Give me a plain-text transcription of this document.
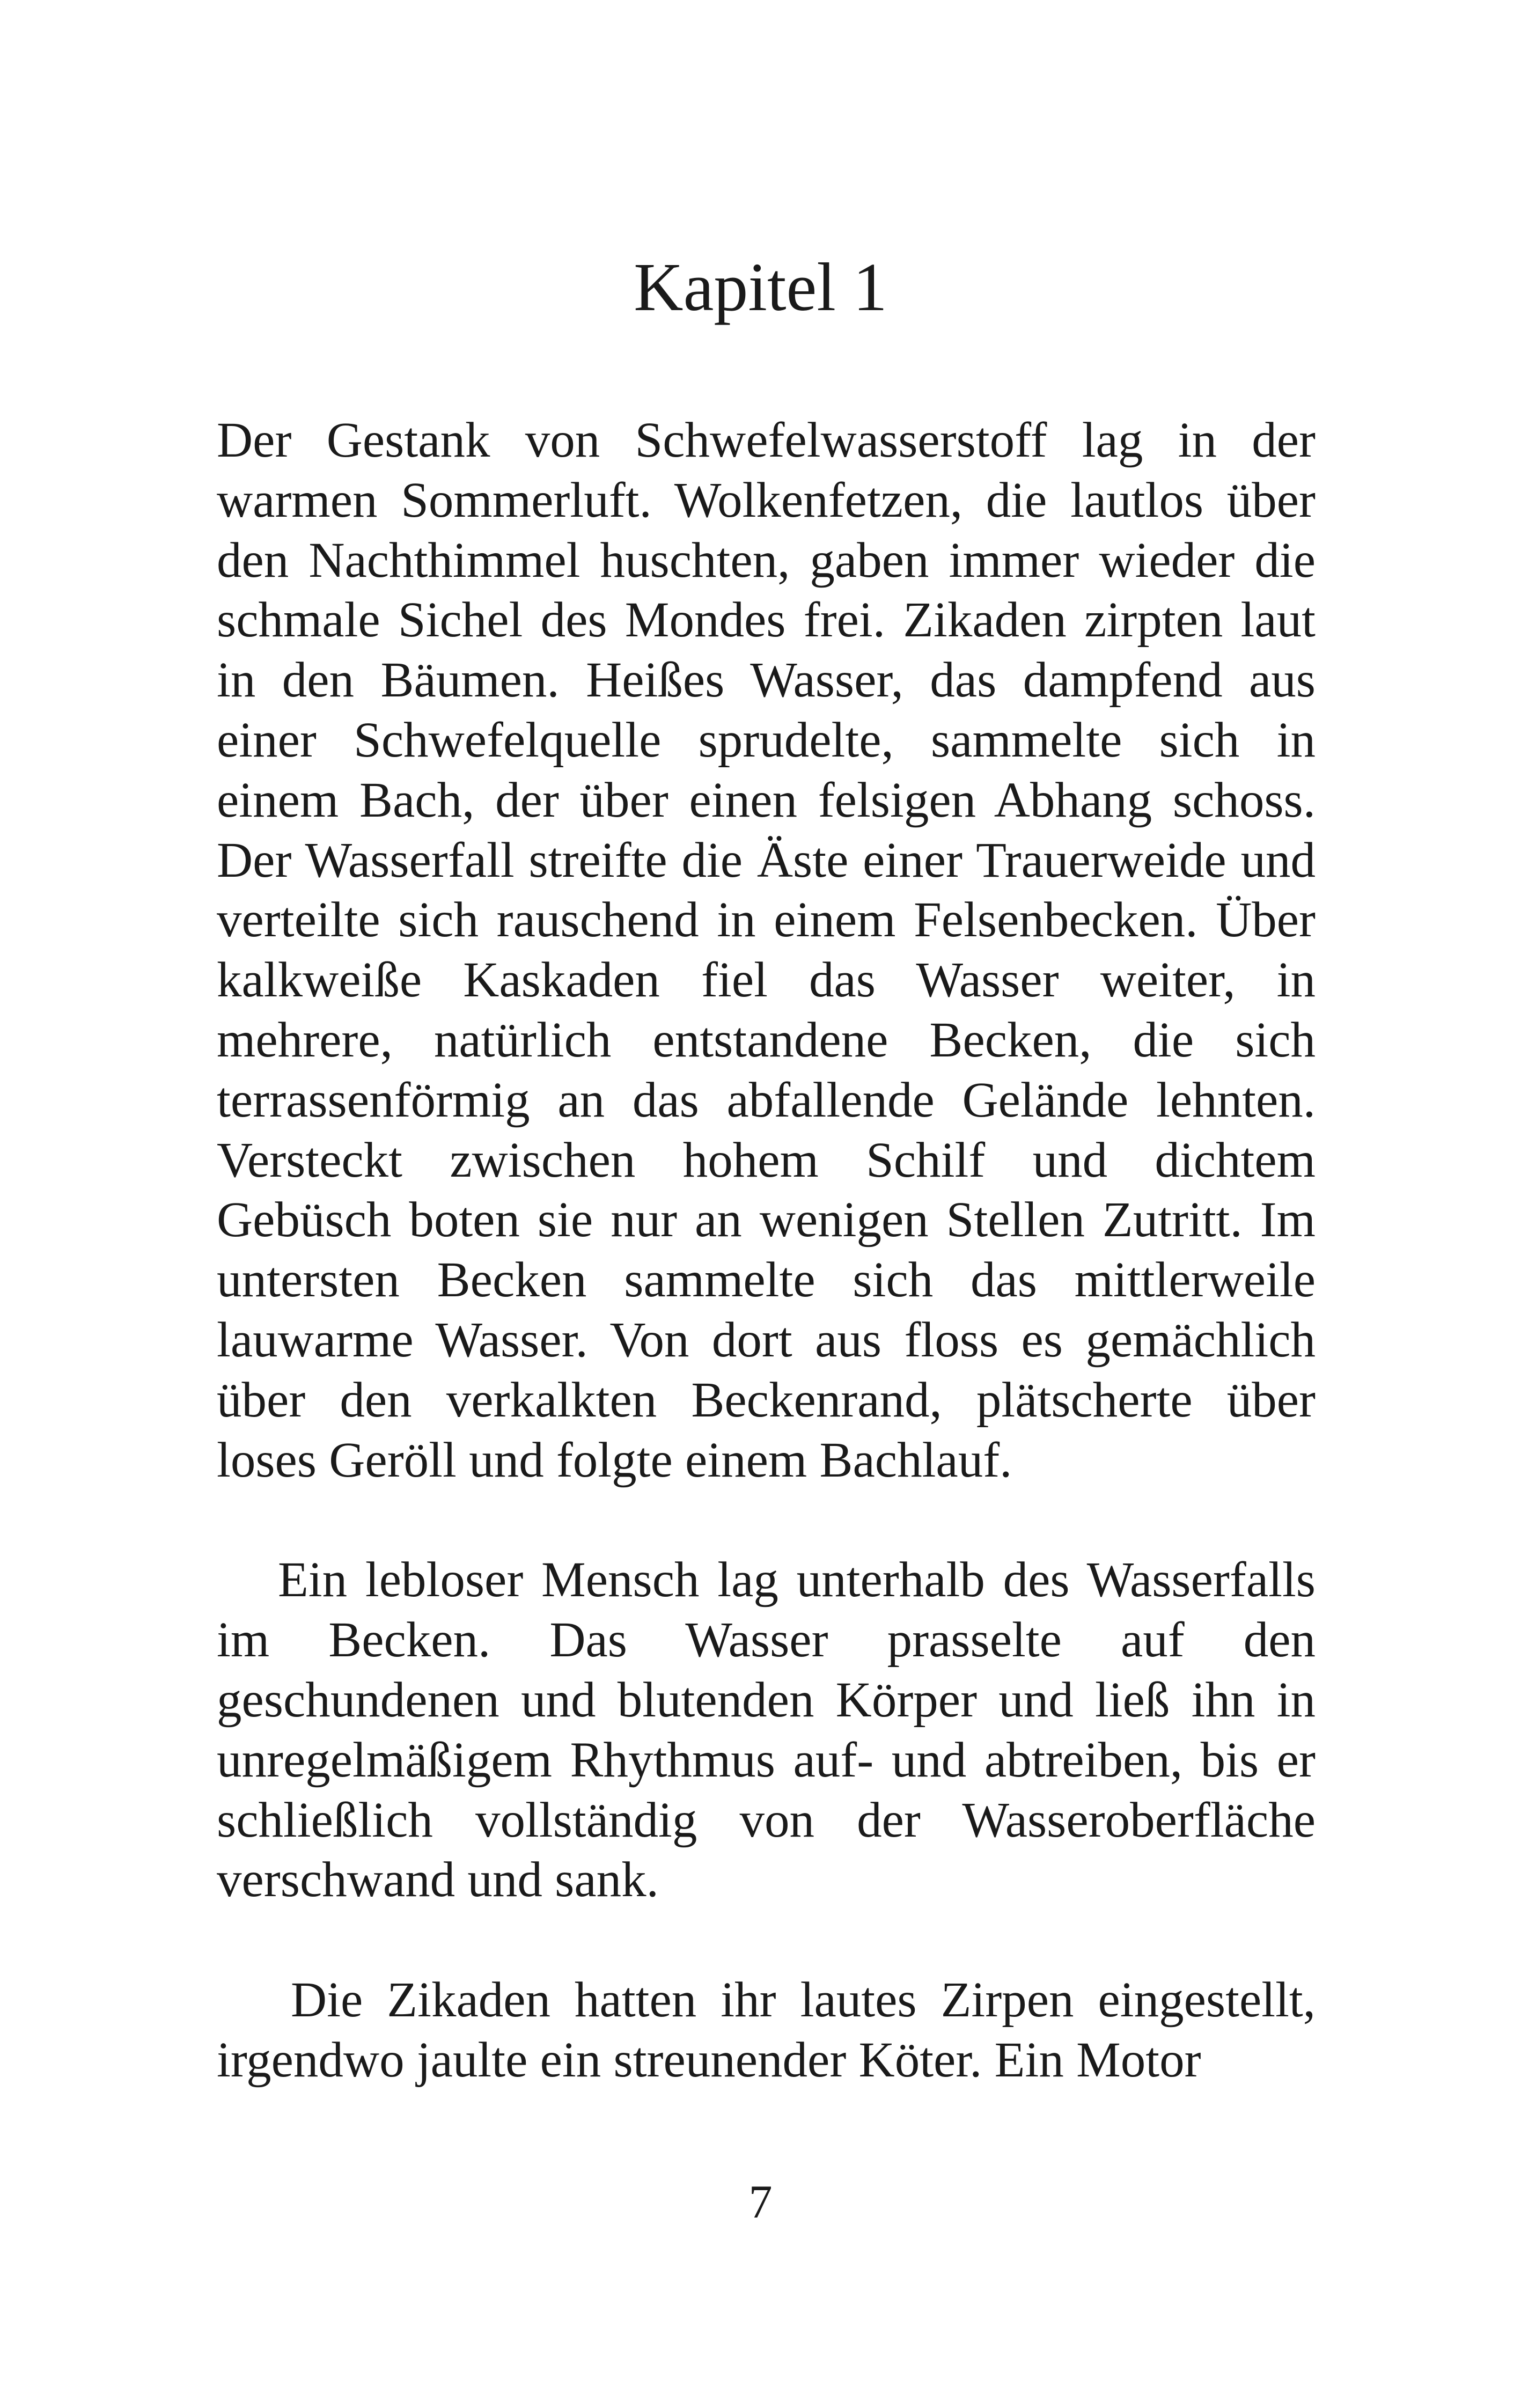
Kapitel 1

Der Gestank von Schwefelwasserstoff lag in der warmen Sommerluft. Wolkenfetzen, die lautlos über den Nachthimmel huschten, gaben immer wieder die schmale Sichel des Mondes frei. Zikaden zirpten laut in den Bäumen. Heißes Wasser, das dampfend aus einer Schwefelquelle sprudelte, sammelte sich in einem Bach, der über einen felsigen Abhang schoss. Der Wasserfall streifte die Äste einer Trauerweide und verteilte sich rauschend in einem Felsenbecken. Über kalkweiße Kaskaden fiel das Wasser weiter, in mehrere, natürlich entstandene Becken, die sich terrassenförmig an das abfallende Gelände lehnten. Versteckt zwischen hohem Schilf und dichtem Gebüsch boten sie nur an wenigen Stellen Zutritt. Im untersten Becken sammelte sich das mittlerweile lauwarme Wasser. Von dort aus floss es gemächlich über den verkalkten Beckenrand, plätscherte über loses Geröll und folgte einem Bachlauf.

Ein lebloser Mensch lag unterhalb des Wasserfalls im Becken. Das Wasser prasselte auf den geschundenen und blutenden Körper und ließ ihn in unregelmäßigem Rhythmus auf- und abtreiben, bis er schließlich vollständig von der Wasseroberfläche verschwand und sank.

Die Zikaden hatten ihr lautes Zirpen eingestellt, irgendwo jaulte ein streunender Köter. Ein Motor

7
